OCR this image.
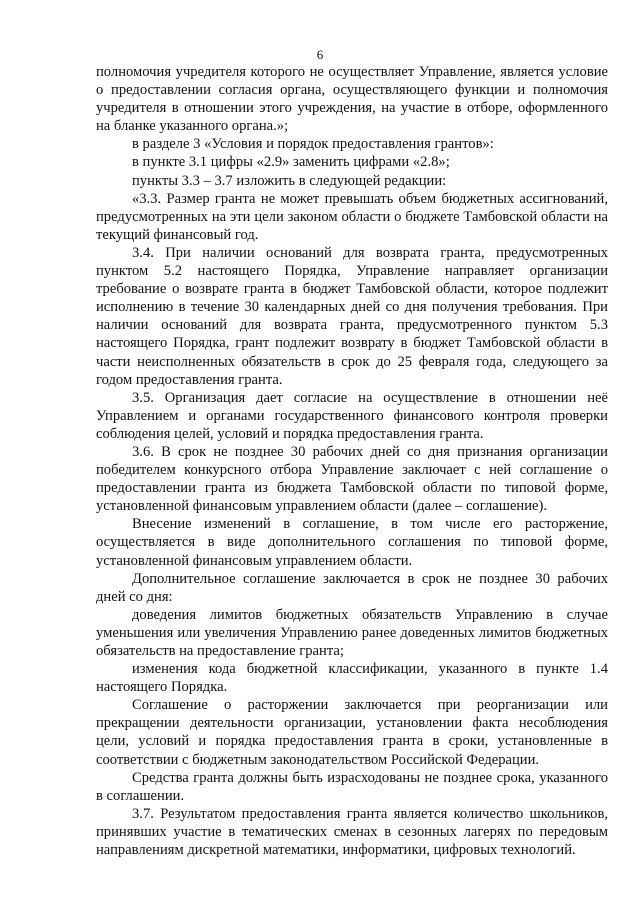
6

полномочия учредителя которого не осуществляет Управление, является условие о предоставлении согласия органа, осуществляющего функции и полномочия учредителя в отношении этого учреждения, на участие в отборе, оформленного на бланке указанного органа.»;

в разделе 3 «Условия и порядок предоставления грантов»:

в пункте 3.1 цифры «2.9» заменить цифрами «2.8»;

пункты 3.3 – 3.7 изложить в следующей редакции:

«3.3. Размер гранта не может превышать объем бюджетных ассигнований, предусмотренных на эти цели законом области о бюджете Тамбовской области на текущий финансовый год.

3.4. При наличии оснований для возврата гранта, предусмотренных пунктом 5.2 настоящего Порядка, Управление направляет организации требование о возврате гранта в бюджет Тамбовской области, которое подлежит исполнению в течение 30 календарных дней со дня получения требования. При наличии оснований для возврата гранта, предусмотренного пунктом 5.3 настоящего Порядка, грант подлежит возврату в бюджет Тамбовской области в части неисполненных обязательств в срок до 25 февраля года, следующего за годом предоставления гранта.

3.5. Организация дает согласие на осуществление в отношении неё Управлением и органами государственного финансового контроля проверки соблюдения целей, условий и порядка предоставления гранта.

3.6. В срок не позднее 30 рабочих дней со дня признания организации победителем конкурсного отбора Управление заключает с ней соглашение о предоставлении гранта из бюджета Тамбовской области по типовой форме, установленной финансовым управлением области (далее – соглашение).

Внесение изменений в соглашение, в том числе его расторжение, осуществляется в виде дополнительного соглашения по типовой форме, установленной финансовым управлением области.

Дополнительное соглашение заключается в срок не позднее 30 рабочих дней со дня:

доведения лимитов бюджетных обязательств Управлению в случае уменьшения или увеличения Управлению ранее доведенных лимитов бюджетных обязательств на предоставление гранта;

изменения кода бюджетной классификации, указанного в пункте 1.4 настоящего Порядка.

Соглашение о расторжении заключается при реорганизации или прекращении деятельности организации, установлении факта несоблюдения цели, условий и порядка предоставления гранта в сроки, установленные в соответствии с бюджетным законодательством Российской Федерации.

Средства гранта должны быть израсходованы не позднее срока, указанного в соглашении.

3.7. Результатом предоставления гранта является количество школьников, принявших участие в тематических сменах в сезонных лагерях по передовым направлениям дискретной математики, информатики, цифровых технологий.
